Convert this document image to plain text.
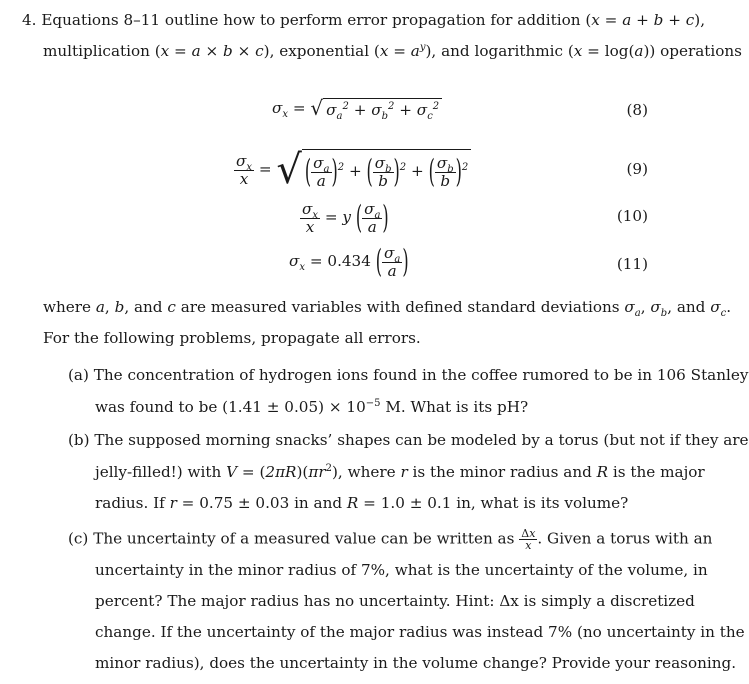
4. Equations 8–11 outline how to perform error propagation for addition (x = a + b + c),
multiplication (x = a × b × c), exponential $(x = a^y)$, and logarithmic (x = log(a)) operations
$\sigma_x$ = √ $\sigma_a^2 + \sigma_b^2 + \sigma_c^2$	(8)
$\frac{\sigma_x}{x}$ = √ ( $\frac{\sigma_a}{a} )^2$ + ( $\frac{\sigma_b}{b} )^2$ + ( $\frac{\sigma_b}{b} )^2$	(9)
$\frac{\sigma_x}{x} = y$ ( $\frac{\sigma_a}{a}$ )	(10)
$\sigma_x = 0.434$ ( $\frac{\sigma_a}{a}$ )	(11)
where a, b, and c are measured variables with defined standard deviations $\sigma_a$, $\sigma_b$, and $\sigma_c$.
For the following problems, propagate all errors.
(a) The concentration of hydrogen ions found in the coffee rumored to be in 106 Stanley
was found to be $(1.41 \pm 0.05) \times 10^{-5}$ M. What is its pH?
(b) The supposed morning snacks’ shapes can be modeled by a torus (but not if they are
jelly-filled!) with $V = (2\pi R)(\pi r^2)$, where r is the minor radius and R is the major
radius. If r = 0.75 ± 0.03 in and R = 1.0 ± 0.1 in, what is its volume?
(c) The uncertainty of a measured value can be written as $\frac{\Delta x}{x}$ . Given a torus with an
uncertainty in the minor radius of 7%, what is the uncertainty of the volume, in
percent? The major radius has no uncertainty. Hint: Δx is simply a discretized
change. If the uncertainty of the major radius was instead 7% (no uncertainty in the
minor radius), does the uncertainty in the volume change? Provide your reasoning.
